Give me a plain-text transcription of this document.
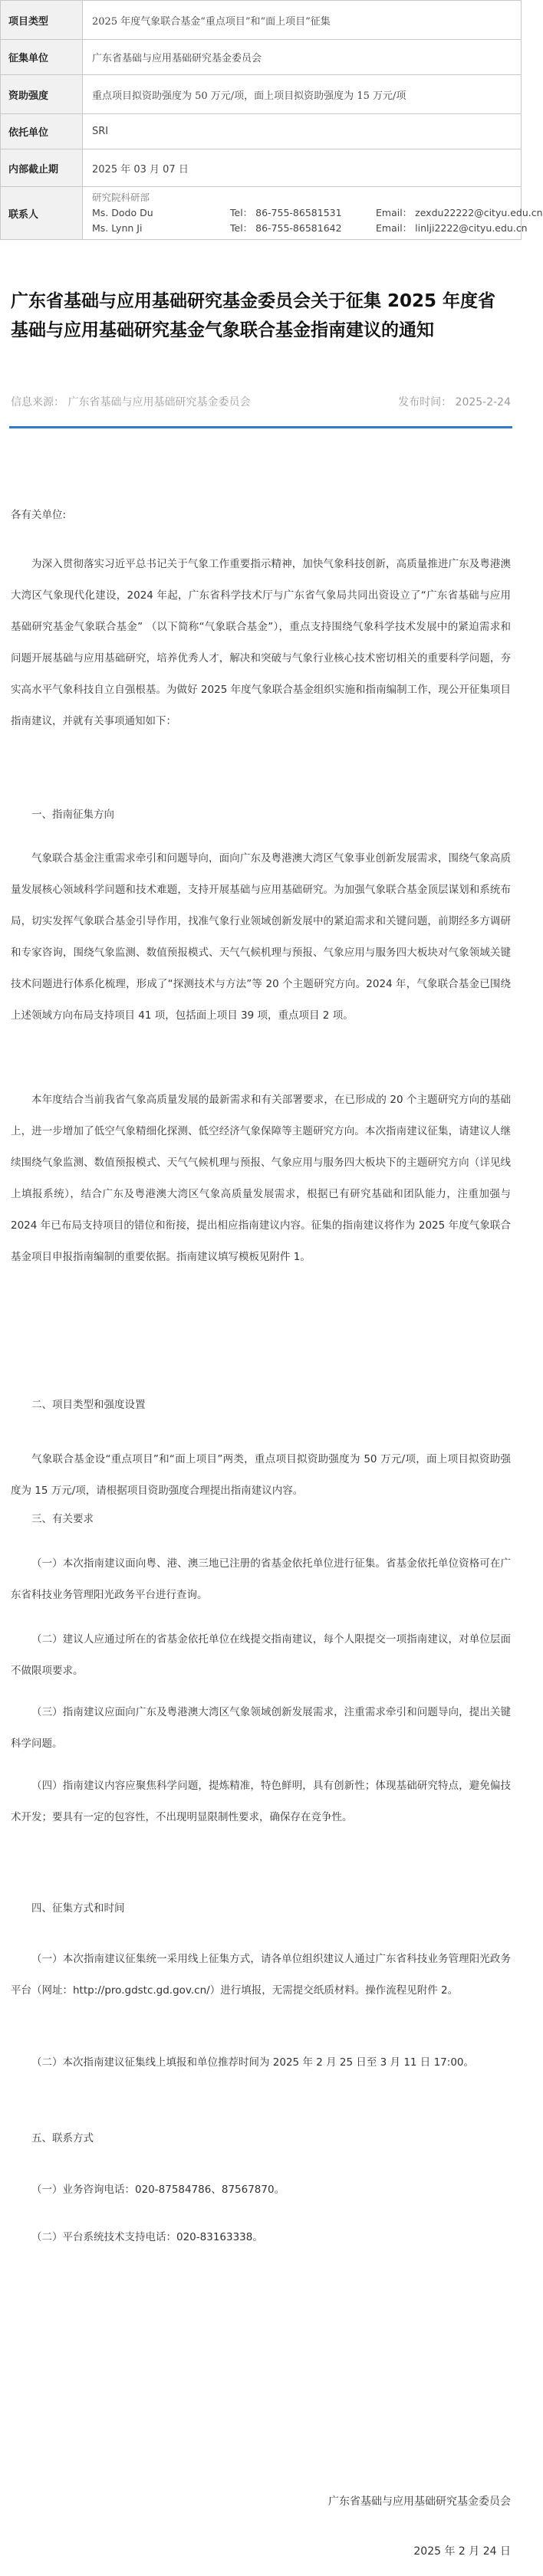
项目类型	2025 年度气象联合基金“重点项目”和“面上项目”征集
征集单位	广东省基础与应用基础研究基金委员会
资助强度	重点项目拟资助强度为 50 万元/项，面上项目拟资助强度为 15 万元/项
依托单位	SRI
内部截止期	2025 年 03 月 07 日
联系人	研究院科研部
Ms. Dodo Du Tel： 86-755-86581531 Email： zexdu22222@cityu.edu.cn
Ms. Lynn Ji Tel： 86-755-86581642 Email： linlji2222@cityu.edu.cn
广东省基础与应用基础研究基金委员会关于征集 2025 年度省基础与应用基础研究基金气象联合基金指南建议的通知
信息来源： 广东省基础与应用基础研究基金委员会	发布时间： 2025-2-24

各有关单位:

为深入贯彻落实习近平总书记关于气象工作重要指示精神，加快气象科技创新，高质量推进广东及粤港澳大湾区气象现代化建设，2024 年起，广东省科学技术厅与广东省气象局共同出资设立了“广东省基础与应用基础研究基金气象联合基金” （以下简称“气象联合基金”），重点支持围绕气象科学技术发展中的紧迫需求和问题开展基础与应用基础研究，培养优秀人才，解决和突破与气象行业核心技术密切相关的重要科学问题，夯实高水平气象科技自立自强根基。为做好 2025 年度气象联合基金组织实施和指南编制工作，现公开征集项目指南建议，并就有关事项通知如下：

一、指南征集方向

气象联合基金注重需求牵引和问题导向，面向广东及粤港澳大湾区气象事业创新发展需求，围绕气象高质量发展核心领域科学问题和技术难题，支持开展基础与应用基础研究。为加强气象联合基金顶层谋划和系统布局，切实发挥气象联合基金引导作用，找准气象行业领域创新发展中的紧迫需求和关键问题，前期经多方调研和专家咨询，围绕气象监测、数值预报模式、天气气候机理与预报、气象应用与服务四大板块对气象领域关键技术问题进行体系化梳理，形成了“探测技术与方法”等 20 个主题研究方向。2024 年，气象联合基金已围绕上述领域方向布局支持项目 41 项，包括面上项目 39 项，重点项目 2 项。

本年度结合当前我省气象高质量发展的最新需求和有关部署要求，在已形成的 20 个主题研究方向的基础上，进一步增加了低空气象精细化探测、低空经济气象保障等主题研究方向。本次指南建议征集，请建议人继续围绕气象监测、数值预报模式、天气气候机理与预报、气象应用与服务四大板块下的主题研究方向（详见线上填报系统），结合广东及粤港澳大湾区气象高质量发展需求，根据已有研究基础和团队能力，注重加强与 2024 年已布局支持项目的错位和衔接，提出相应指南建议内容。征集的指南建议将作为 2025 年度气象联合基金项目申报指南编制的重要依据。指南建议填写模板见附件 1。

二、项目类型和强度设置

气象联合基金设“重点项目”和“面上项目”两类，重点项目拟资助强度为 50 万元/项，面上项目拟资助强度为 15 万元/项，请根据项目资助强度合理提出指南建议内容。

三、有关要求

（一）本次指南建议面向粤、港、澳三地已注册的省基金依托单位进行征集。省基金依托单位资格可在广东省科技业务管理阳光政务平台进行查询。

（二）建议人应通过所在的省基金依托单位在线提交指南建议，每个人限提交一项指南建议，对单位层面不做限项要求。

（三）指南建议应面向广东及粤港澳大湾区气象领域创新发展需求，注重需求牵引和问题导向，提出关键科学问题。

（四）指南建议内容应聚焦科学问题，提炼精准，特色鲜明，具有创新性；体现基础研究特点，避免偏技术开发；要具有一定的包容性，不出现明显限制性要求，确保存在竞争性。

四、征集方式和时间

（一）本次指南建议征集统一采用线上征集方式，请各单位组织建议人通过广东省科技业务管理阳光政务平台（网址：http://pro.gdstc.gd.gov.cn/）进行填报，无需提交纸质材料。操作流程见附件 2。

（二）本次指南建议征集线上填报和单位推荐时间为 2025 年 2 月 25 日至 3 月 11 日 17:00。

五、联系方式

（一）业务咨询电话：020-87584786、87567870。

（二）平台系统技术支持电话：020-83163338。

广东省基础与应用基础研究基金委员会
2025 年 2 月 24 日
